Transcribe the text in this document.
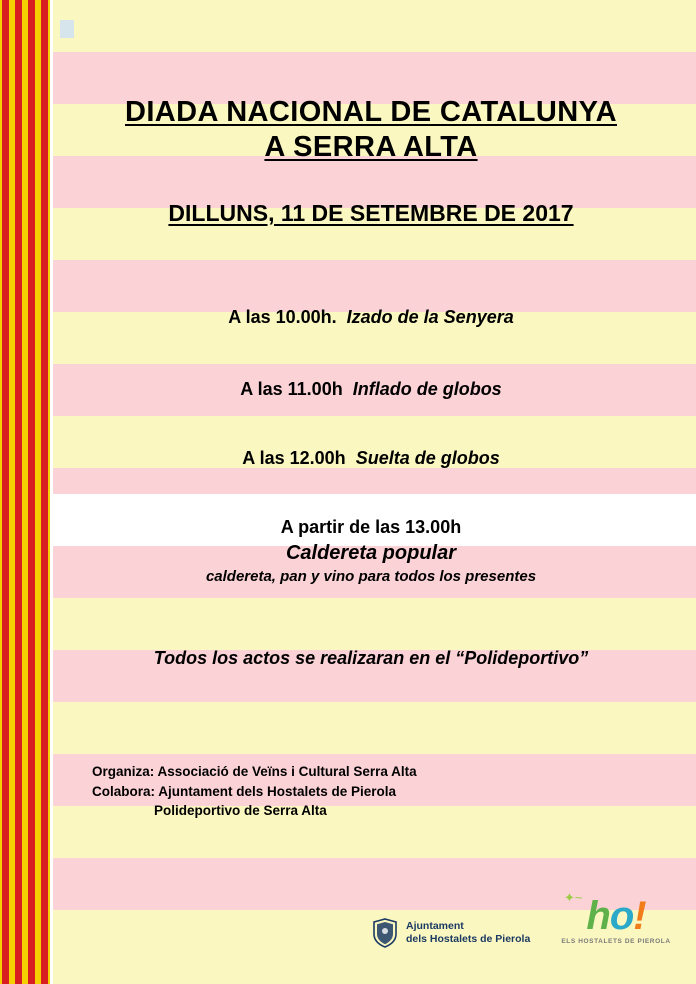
DIADA NACIONAL DE CATALUNYA
A SERRA ALTA
DILLUNS, 11 DE SETEMBRE DE 2017
A las 10.00h. Izado de la Senyera
A las 11.00h Inflado de globos
A las 12.00h Suelta de globos
A partir de las 13.00h
Caldereta popular
caldereta, pan y vino para todos los presentes
Todos los actos se realizaran en el “Polideportivo”
Organiza: Associació de Veïns i Cultural Serra Alta
Colabora: Ajuntament dels Hostalets de Pierola
Polideportivo de Serra Alta
Ajuntament
dels Hostalets de Pierola
✦︎~ ho!
ELS HOSTALETS DE PIEROLA
